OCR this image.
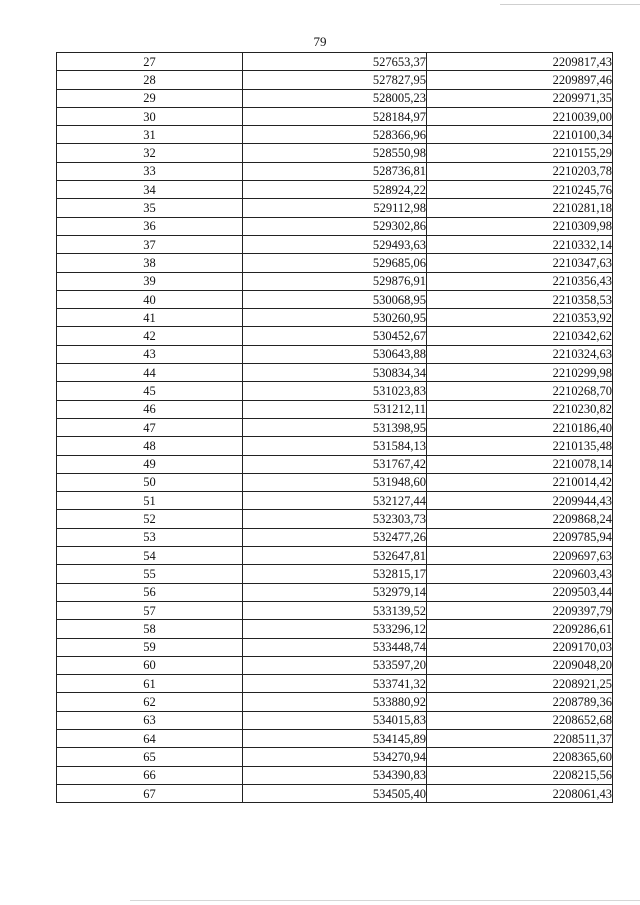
79
27	527653,37	2209817,43
28	527827,95	2209897,46
29	528005,23	2209971,35
30	528184,97	2210039,00
31	528366,96	2210100,34
32	528550,98	2210155,29
33	528736,81	2210203,78
34	528924,22	2210245,76
35	529112,98	2210281,18
36	529302,86	2210309,98
37	529493,63	2210332,14
38	529685,06	2210347,63
39	529876,91	2210356,43
40	530068,95	2210358,53
41	530260,95	2210353,92
42	530452,67	2210342,62
43	530643,88	2210324,63
44	530834,34	2210299,98
45	531023,83	2210268,70
46	531212,11	2210230,82
47	531398,95	2210186,40
48	531584,13	2210135,48
49	531767,42	2210078,14
50	531948,60	2210014,42
51	532127,44	2209944,43
52	532303,73	2209868,24
53	532477,26	2209785,94
54	532647,81	2209697,63
55	532815,17	2209603,43
56	532979,14	2209503,44
57	533139,52	2209397,79
58	533296,12	2209286,61
59	533448,74	2209170,03
60	533597,20	2209048,20
61	533741,32	2208921,25
62	533880,92	2208789,36
63	534015,83	2208652,68
64	534145,89	2208511,37
65	534270,94	2208365,60
66	534390,83	2208215,56
67	534505,40	2208061,43
